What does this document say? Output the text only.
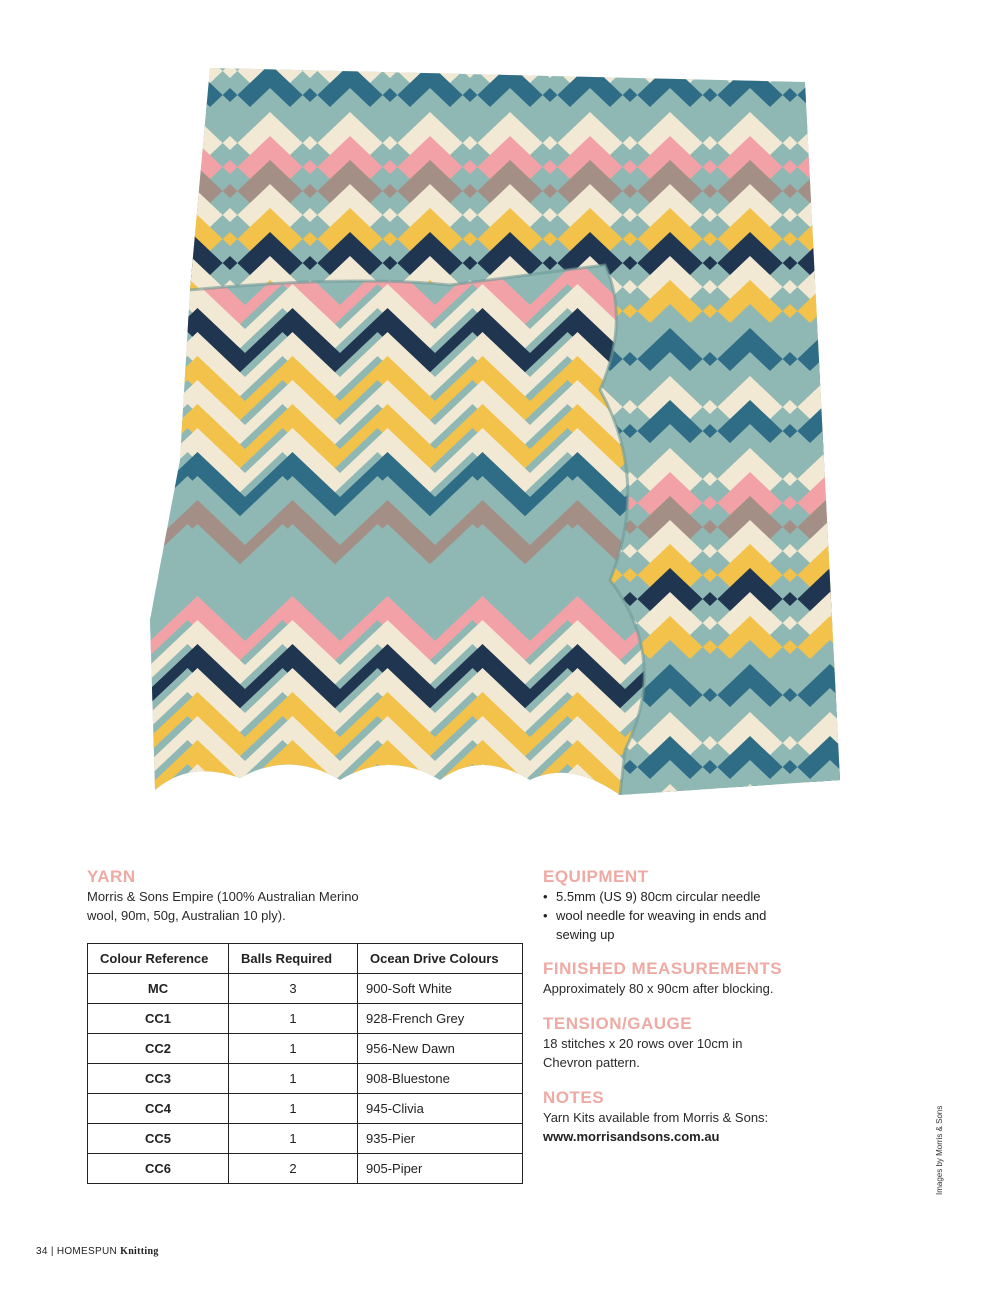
YARN
Morris & Sons Empire (100% Australian Merino wool, 90m, 50g, Australian 10 ply).
Colour Reference	Balls Required	Ocean Drive Colours
MC	3	900-Soft White
CC1	1	928-French Grey
CC2	1	956-New Dawn
CC3	1	908-Bluestone
CC4	1	945-Clivia
CC5	1	935-Pier
CC6	2	905-Piper
EQUIPMENT
• 5.5mm (US 9) 80cm circular needle
• wool needle for weaving in ends and sewing up
FINISHED MEASUREMENTS
Approximately 80 x 90cm after blocking.
TENSION/GAUGE
18 stitches x 20 rows over 10cm in Chevron pattern.
NOTES
Yarn Kits available from Morris & Sons:
www.morrisandsons.com.au	Images by Morris & Sons
34 | HOMESPUN Knitting
